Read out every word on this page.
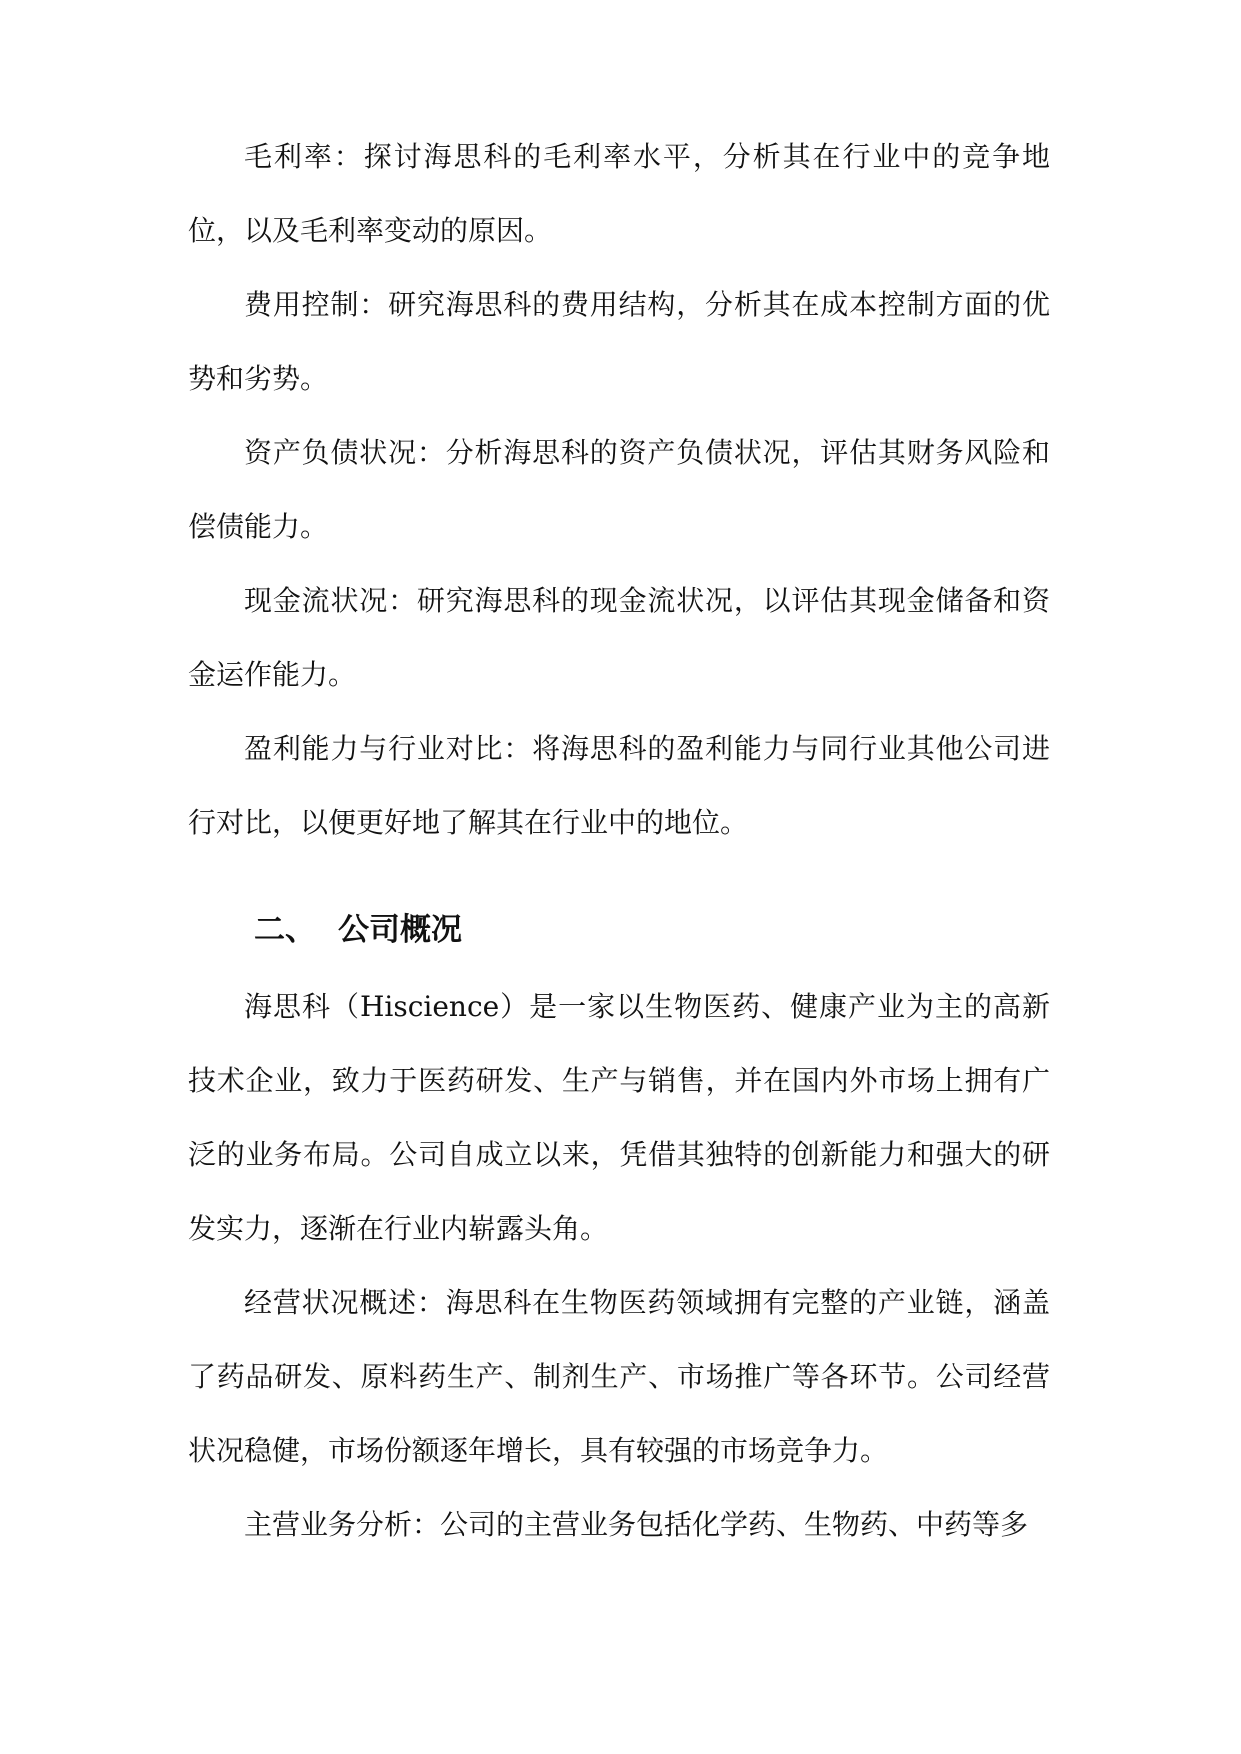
毛利率：探讨海思科的毛利率水平，分析其在行业中的竞争地位，以及毛利率变动的原因。

费用控制：研究海思科的费用结构，分析其在成本控制方面的优势和劣势。

资产负债状况：分析海思科的资产负债状况，评估其财务风险和偿债能力。

现金流状况：研究海思科的现金流状况，以评估其现金储备和资金运作能力。

盈利能力与行业对比：将海思科的盈利能力与同行业其他公司进行对比，以便更好地了解其在行业中的地位。

二、 公司概况

海思科（Hiscience）是一家以生物医药、健康产业为主的高新技术企业，致力于医药研发、生产与销售，并在国内外市场上拥有广泛的业务布局。公司自成立以来，凭借其独特的创新能力和强大的研发实力，逐渐在行业内崭露头角。

经营状况概述：海思科在生物医药领域拥有完整的产业链，涵盖了药品研发、原料药生产、制剂生产、市场推广等各环节。公司经营状况稳健，市场份额逐年增长，具有较强的市场竞争力。

主营业务分析：公司的主营业务包括化学药、生物药、中药等多
